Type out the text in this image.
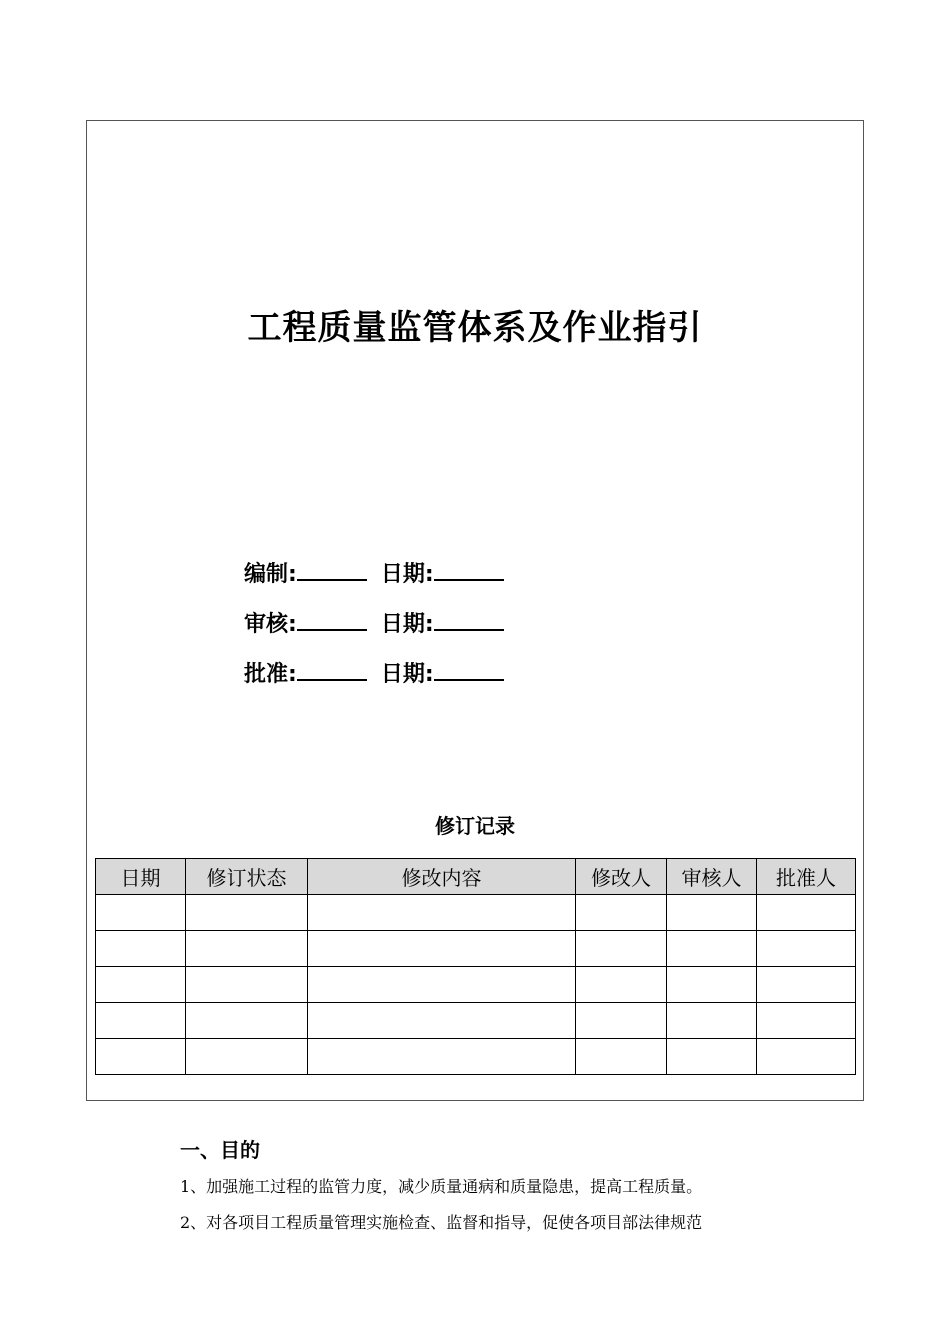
工程质量监管体系及作业指引
编制:	日期:
审核:	日期:
批准:	日期:
修订记录
日期	修订状态	修改内容	修改人	审核人	批准人

一、目的
1、加强施工过程的监管力度，减少质量通病和质量隐患，提高工程质量。
2、对各项目工程质量管理实施检查、监督和指导，促使各项目部法律规范
